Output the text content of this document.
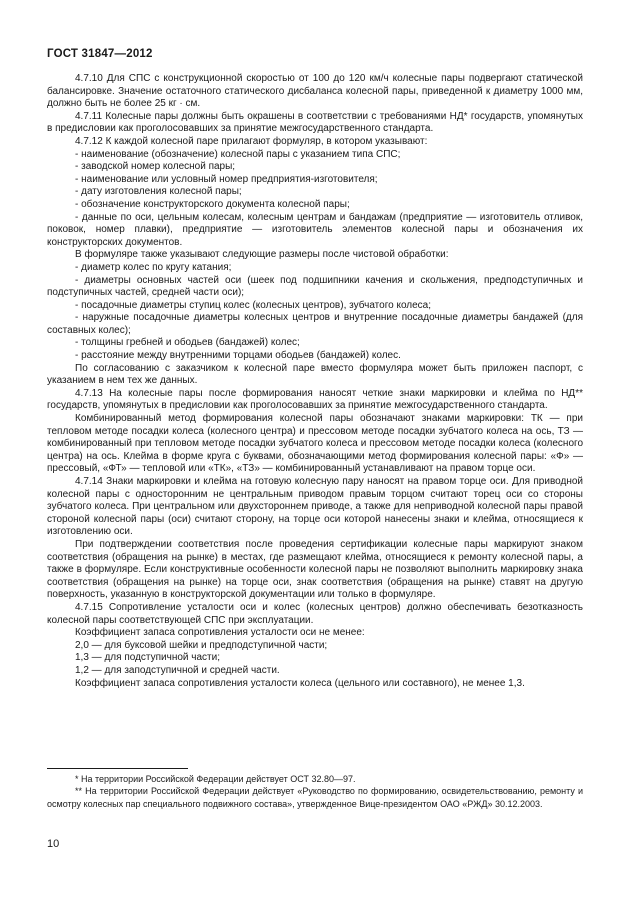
ГОСТ 31847—2012

4.7.10 Для СПС с конструкционной скоростью от 100 до 120 км/ч колесные пары подвергают статической балансировке. Значение остаточного статического дисбаланса колесной пары, приведенной к диаметру 1000 мм, должно быть не более 25 кг · см.

4.7.11 Колесные пары должны быть окрашены в соответствии с требованиями НД* государств, упомянутых в предисловии как проголосовавших за принятие межгосударственного стандарта.

4.7.12 К каждой колесной паре прилагают формуляр, в котором указывают:

- наименование (обозначение) колесной пары с указанием типа СПС;

- заводской номер колесной пары;

- наименование или условный номер предприятия-изготовителя;

- дату изготовления колесной пары;

- обозначение конструкторского документа колесной пары;

- данные по оси, цельным колесам, колесным центрам и бандажам (предприятие — изготовитель отливок, поковок, номер плавки), предприятие — изготовитель элементов колесной пары и обозначения их конструкторских документов.

В формуляре также указывают следующие размеры после чистовой обработки:

- диаметр колес по кругу катания;

- диаметры основных частей оси (шеек под подшипники качения и скольжения, предподступичных и подступичных частей, средней части оси);

- посадочные диаметры ступиц колес (колесных центров), зубчатого колеса;

- наружные посадочные диаметры колесных центров и внутренние посадочные диаметры бандажей (для составных колес);

- толщины гребней и ободьев (бандажей) колес;

- расстояние между внутренними торцами ободьев (бандажей) колес.

По согласованию с заказчиком к колесной паре вместо формуляра может быть приложен паспорт, с указанием в нем тех же данных.

4.7.13 На колесные пары после формирования наносят четкие знаки маркировки и клейма по НД** государств, упомянутых в предисловии как проголосовавших за принятие межгосударственного стандарта.

Комбинированный метод формирования колесной пары обозначают знаками маркировки: ТК — при тепловом методе посадки колеса (колесного центра) и прессовом методе посадки зубчатого колеса на ось, ТЗ — комбинированный при тепловом методе посадки зубчатого колеса и прессовом методе посадки колеса (колесного центра) на ось. Клейма в форме круга с буквами, обозначающими метод формирования колесной пары: «Ф» — прессовый, «ФТ» — тепловой или «ТК», «ТЗ» — комбинированный устанавливают на правом торце оси.

4.7.14 Знаки маркировки и клейма на готовую колесную пару наносят на правом торце оси. Для приводной колесной пары с односторонним не центральным приводом правым торцом считают торец оси со стороны зубчатого колеса. При центральном или двухстороннем приводе, а также для неприводной колесной пары правой стороной колесной пары (оси) считают сторону, на торце оси которой нанесены знаки и клейма, относящиеся к изготовлению оси.

При подтверждении соответствия после проведения сертификации колесные пары маркируют знаком соответствия (обращения на рынке) в местах, где размещают клейма, относящиеся к ремонту колесной пары, а также в формуляре. Если конструктивные особенности колесной пары не позволяют выполнить маркировку знака соответствия (обращения на рынке) на торце оси, знак соответствия (обращения на рынке) ставят на другую поверхность, указанную в конструкторской документации или только в формуляре.

4.7.15 Сопротивление усталости оси и колес (колесных центров) должно обеспечивать безотказность колесной пары соответствующей СПС при эксплуатации.

Коэффициент запаса сопротивления усталости оси не менее:

2,0 — для буксовой шейки и предподступичной части;

1,3 — для подступичной части;

1,2 — для заподступичной и средней части.

Коэффициент запаса сопротивления усталости колеса (цельного или составного), не менее 1,3.

* На территории Российской Федерации действует ОСТ 32.80—97.

** На территории Российской Федерации действует «Руководство по формированию, освидетельствованию, ремонту и осмотру колесных пар специального подвижного состава», утвержденное Вице-президентом ОАО «РЖД» 30.12.2003.

10
